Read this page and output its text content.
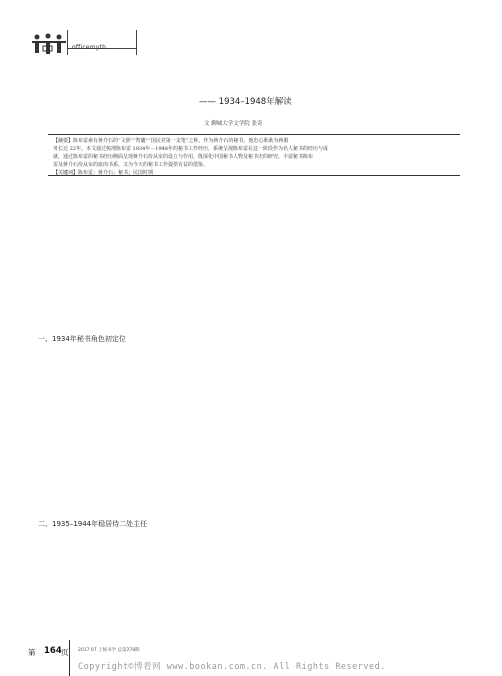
officemyth
—— 1934–1948年解读
文 聊城大学文学院 张奇
【摘要】陈布雷素有蒋介石的“文胆”“智囊”“国民党第一支笔”之称，作为蒋介石的秘书，他忠心耿耿为蒋服
务长达 22年。本文通过梳理陈布雷 1934年－1948年的秘书工作经历，系统呈现陈布雷在这一阶段作为名人秘书的经历与成
就，通过陈布雷的秘书经历侧面呈现蒋介石侍从室的设立与作用，既深化中国秘书人物及秘书史的研究，丰富秘书陈布
雷及蒋介石侍从室的血肉书系，又为今天的秘书工作提供有益的借鉴。
【关键词】陈布雷；蒋介石；秘书；民国时期
一、1934年秘书角色初定位
二、1935–1944年稳居侍二处主任
第 164 页 2017.07 上秘书学 总第278期
Copyright©博看网 www.bookan.com.cn. All Rights Reserved.
